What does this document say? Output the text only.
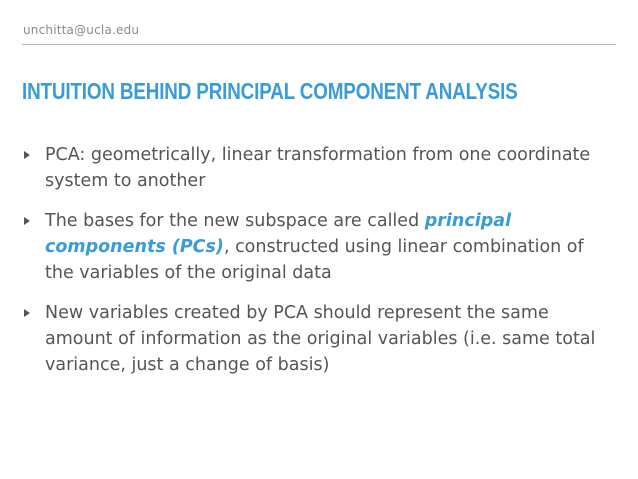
unchitta@ucla.edu
INTUITION BEHIND PRINCIPAL COMPONENT ANALYSIS
PCA: geometrically, linear transformation from one coordinate system to another
The bases for the new subspace are called principal components (PCs), constructed using linear combination of the variables of the original data
New variables created by PCA should represent the same amount of information as the original variables (i.e. same total variance, just a change of basis)
